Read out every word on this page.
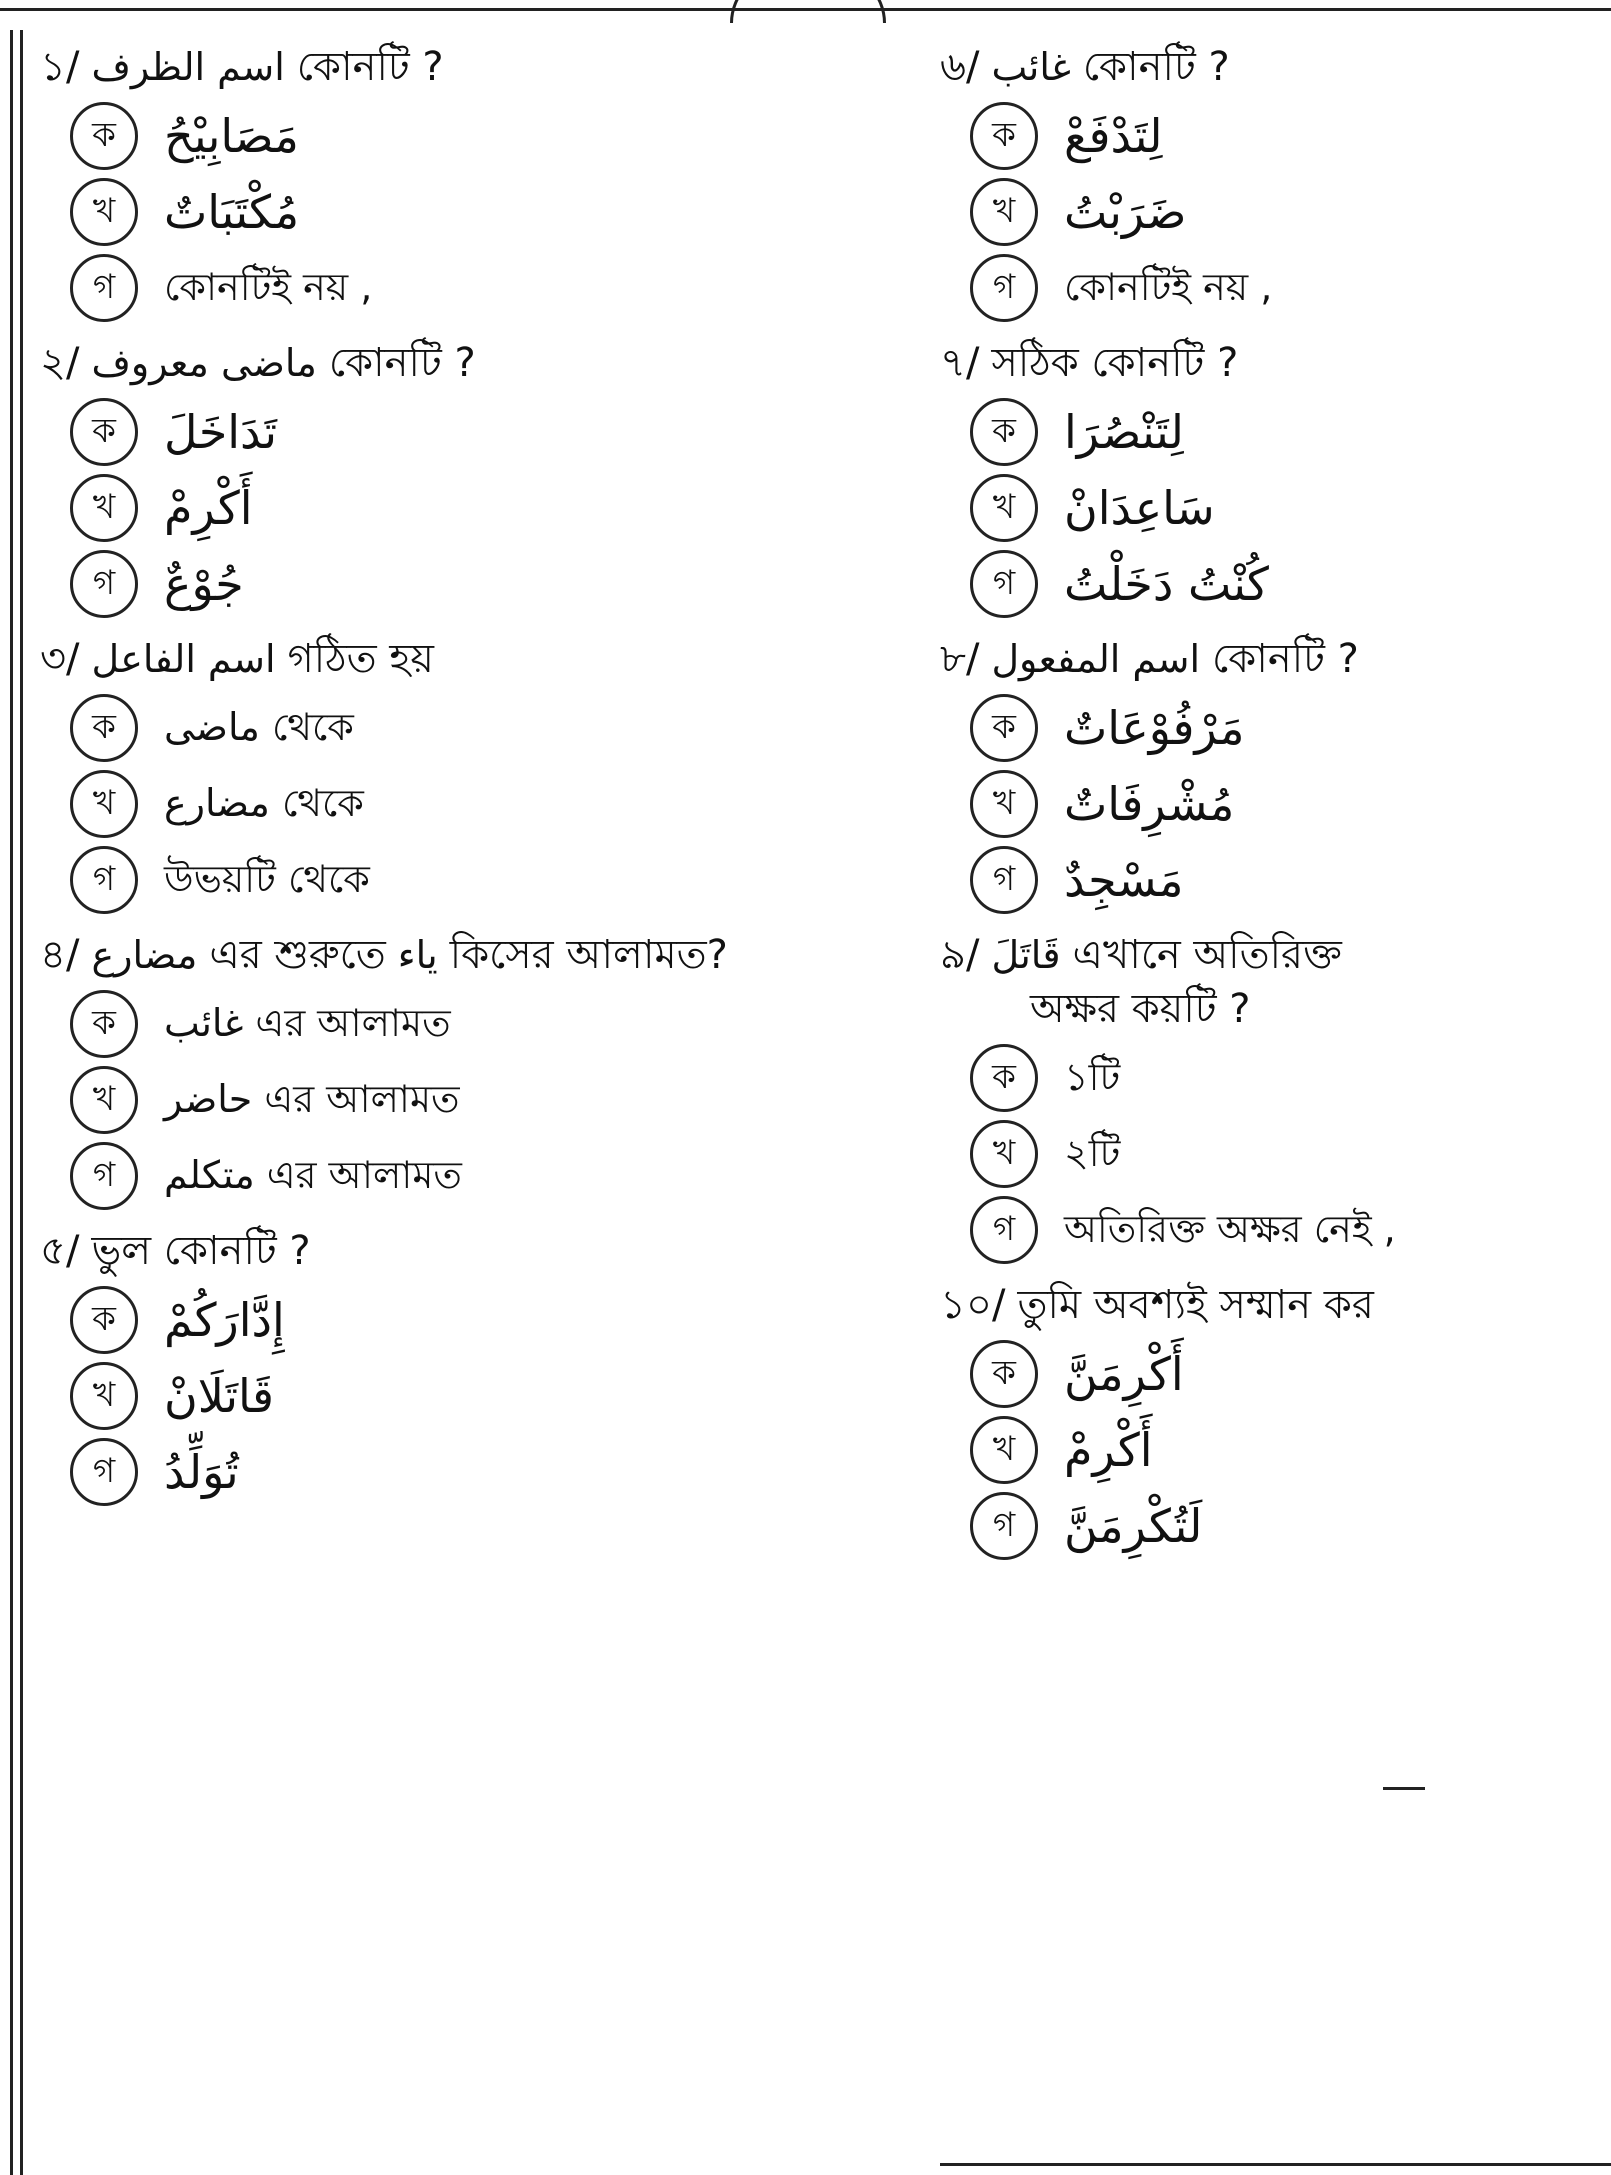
১/ الظرف اسم কোনটি ?
ক	مَصَابِيْحُ
খ	مُكْتَبَاتٌ
গ	কোনটিই নয় ,
২/ ماضى معروف কোনটি ?
ক	تَدَاخَلَ
খ	أَكْرِمْ
গ	جُوْعٌ
৩/ الفاعل اسم গঠিত হয়
ক	ماضى থেকে
খ	مضارع থেকে
গ	উভয়টি থেকে
৪/ مضارع এর শুরুতে ياء কিসের আলামত?
ক	غائب এর আলামত
খ	حاضر এর আলামত
গ	متكلم এর আলামত
৫/ ভুল কোনটি ?
ক	إِدَّارَكُمْ
খ	قَاتَلَانْ
গ	تُوَلِّدُ
৬/ غائب কোনটি ?
ক	لِتَدْفَعْ
খ	ضَرَبْتُ
গ	কোনটিই নয় ,
৭/ সঠিক কোনটি ?
ক	لِتَنْصُرَا
খ	سَاعِدَانْ
গ	كُنْتُ دَخَلْتُ
৮/ المفعول اسم কোনটি ?
ক	مَرْفُوْعَاتٌ
খ	مُشْرِفَاتٌ
গ	مَسْجِدٌ
৯/ قَاتَلَ এখানে অতিরিক্ত
অক্ষর কয়টি ?
ক	১টি
খ	২টি
গ	অতিরিক্ত অক্ষর নেই ,
১০/ তুমি অবশ্যই সম্মান কর
ক	أَكْرِمَنَّ
খ	أَكْرِمْ
গ	لَتُكْرِمَنَّ
